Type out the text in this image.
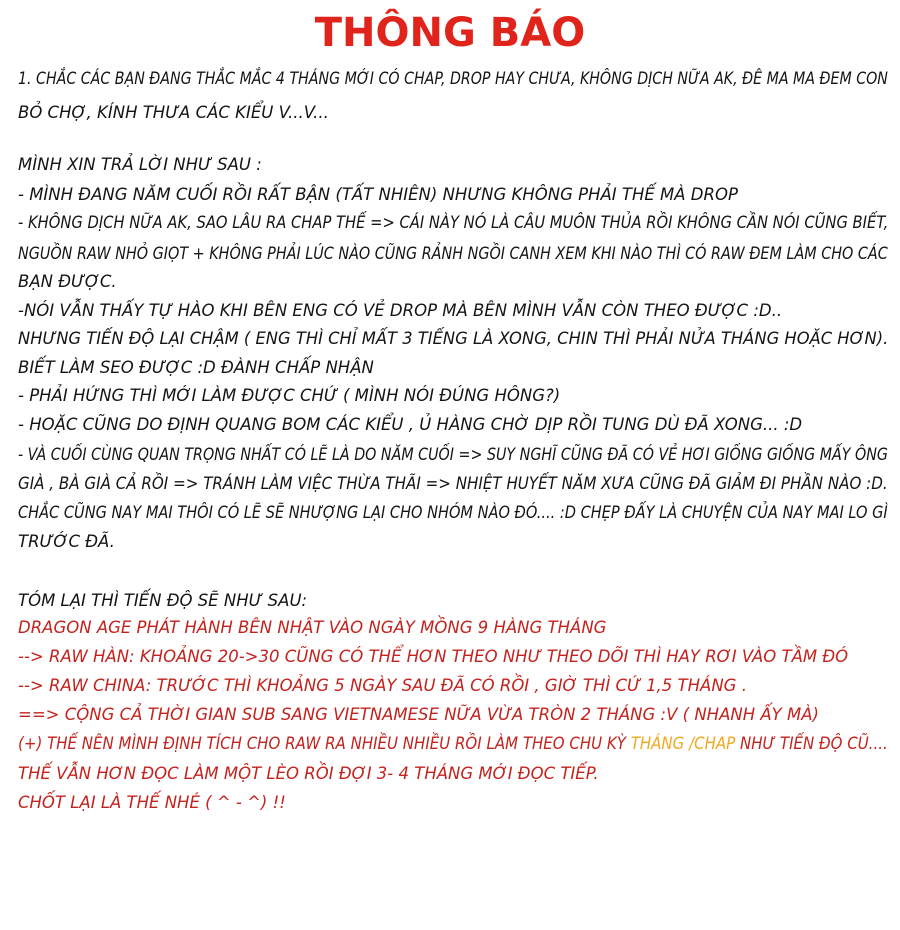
THÔNG BÁO
1. CHẮC CÁC BẠN ĐANG THẮC MẮC 4 THÁNG MỚI CÓ CHAP, DROP HAY CHƯA, KHÔNG DỊCH NỮA AK, ĐÊ MA MA ĐEM CON
BỎ CHỢ, KÍNH THƯA CÁC KIỂU V...V...
MÌNH XIN TRẢ LỜI NHƯ SAU :
- MÌNH ĐANG NĂM CUỐI RỒI RẤT BẬN (TẤT NHIÊN) NHƯNG KHÔNG PHẢI THẾ MÀ DROP
- KHÔNG DỊCH NỮA AK, SAO LÂU RA CHAP THẾ => CÁI NÀY NÓ LÀ CÂU MUÔN THỦA RỒI KHÔNG CẦN NÓI CŨNG BIẾT,
NGUỒN RAW NHỎ GIỌT + KHÔNG PHẢI LÚC NÀO CŨNG RẢNH NGỒI CANH XEM KHI NÀO THÌ CÓ RAW ĐEM LÀM CHO CÁC
BẠN ĐƯỢC.
-NÓI VẪN THẤY TỰ HÀO KHI BÊN ENG CÓ VẺ DROP MÀ BÊN MÌNH VẪN CÒN THEO ĐƯỢC :D..
NHƯNG TIẾN ĐỘ LẠI CHẬM ( ENG THÌ CHỈ MẤT 3 TIẾNG LÀ XONG, CHIN THÌ PHẢI NỬA THÁNG HOẶC HƠN).
BIẾT LÀM SEO ĐƯỢC :D ĐÀNH CHẤP NHẬN
- PHẢI HỨNG THÌ MỚI LÀM ĐƯỢC CHỨ ( MÌNH NÓI ĐÚNG HÔNG?)
- HOẶC CŨNG DO ĐỊNH QUANG BOM CÁC KIỂU , Ủ HÀNG CHỜ DỊP RỒI TUNG DÙ ĐÃ XONG... :D
- VÀ CUỐI CÙNG QUAN TRỌNG NHẤT CÓ LẼ LÀ DO NĂM CUỐI => SUY NGHĨ CŨNG ĐÃ CÓ VẺ HƠI GIỐNG GIỐNG MẤY ÔNG
GIÀ , BÀ GIÀ CẢ RỒI => TRÁNH LÀM VIỆC THỪA THÃI => NHIỆT HUYẾT NĂM XƯA CŨNG ĐÃ GIẢM ĐI PHẦN NÀO :D.
CHẮC CŨNG NAY MAI THÔI CÓ LẼ SẼ NHƯỢNG LẠI CHO NHÓM NÀO ĐÓ.... :D CHẸP ĐẤY LÀ CHUYỆN CỦA NAY MAI LO GÌ
TRƯỚC ĐÃ.
TÓM LẠI THÌ TIẾN ĐỘ SẼ NHƯ SAU:
DRAGON AGE PHÁT HÀNH BÊN NHẬT VÀO NGÀY MỒNG 9 HÀNG THÁNG
--> RAW HÀN: KHOẢNG 20->30 CŨNG CÓ THỂ HƠN THEO NHƯ THEO DÕI THÌ HAY RƠI VÀO TẦM ĐÓ
--> RAW CHINA: TRƯỚC THÌ KHOẢNG 5 NGÀY SAU ĐÃ CÓ RỒI , GIỜ THÌ CỨ 1,5 THÁNG .
==> CỘNG CẢ THỜI GIAN SUB SANG VIETNAMESE NỮA VỪA TRÒN 2 THÁNG :V ( NHANH ẤY MÀ)
(+) THẾ NÊN MÌNH ĐỊNH TÍCH CHO RAW RA NHIỀU NHIỀU RỒI LÀM THEO CHU KỲ THÁNG /CHAP NHƯ TIẾN ĐỘ CŨ....
THẾ VẪN HƠN ĐỌC LÀM MỘT LÈO RỒI ĐỢI 3- 4 THÁNG MỚI ĐỌC TIẾP.
CHỐT LẠI LÀ THẾ NHÉ ( ^ - ^) !!
